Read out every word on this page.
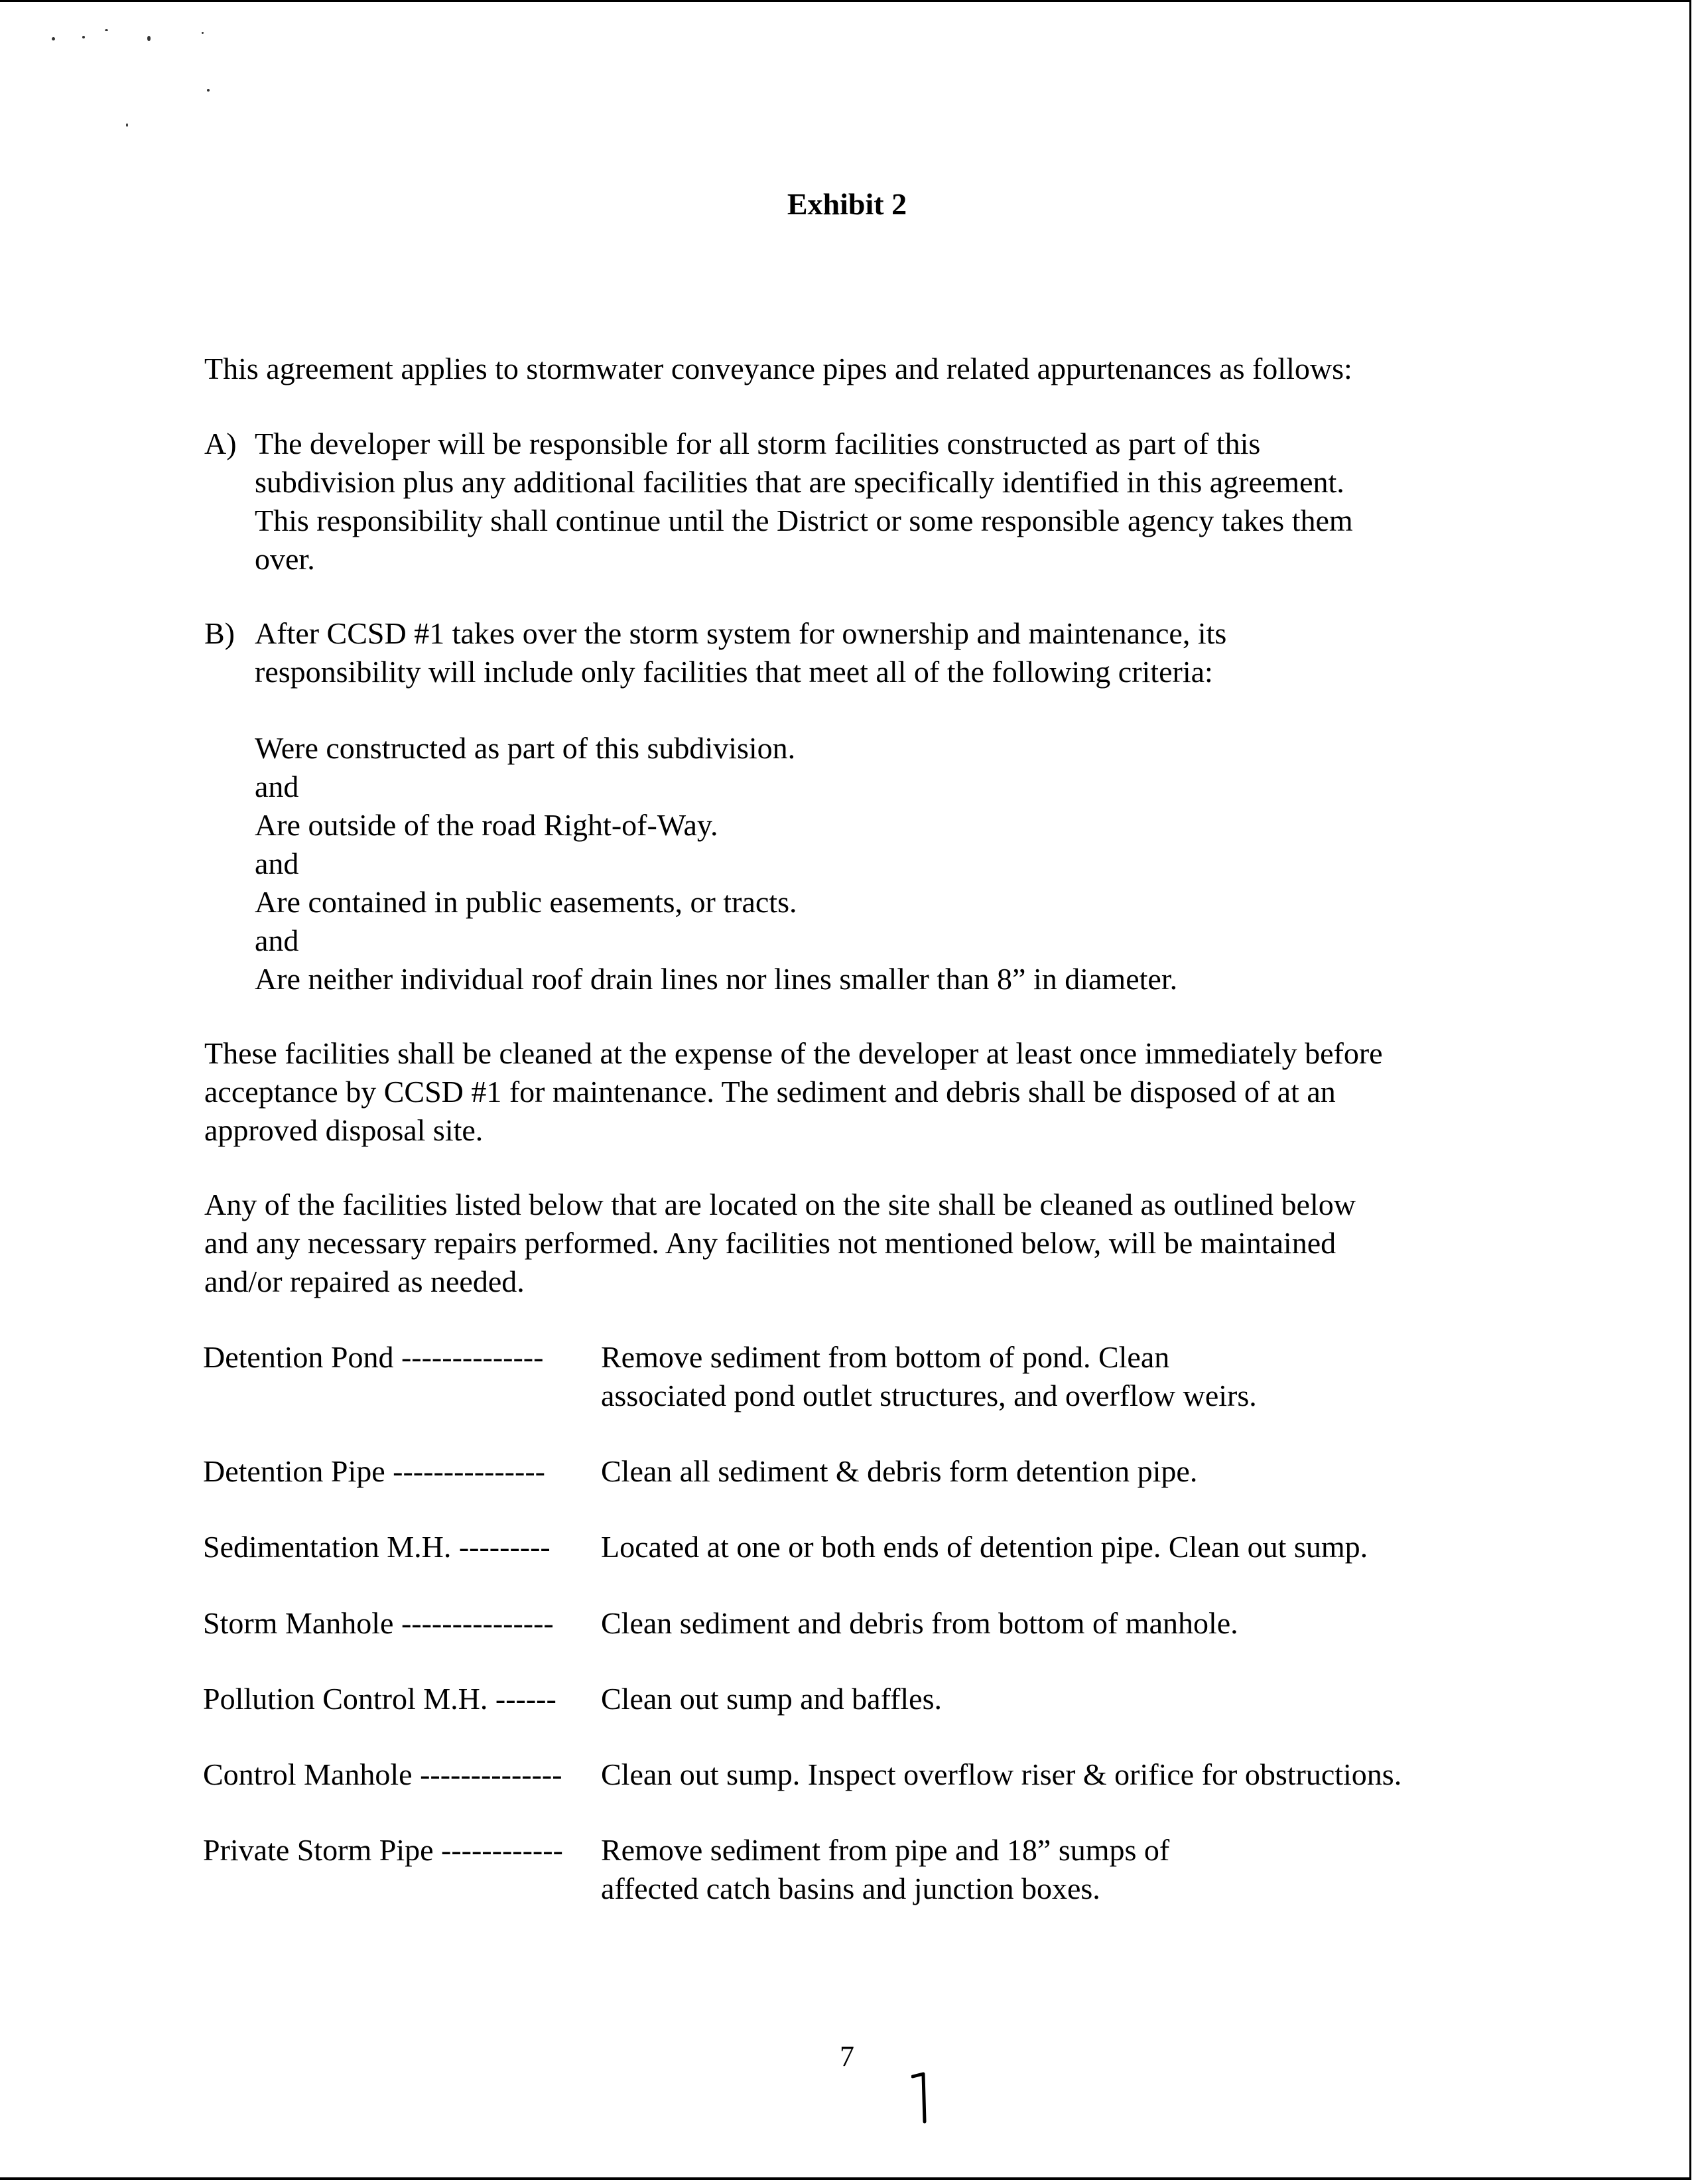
Exhibit 2
This agreement applies to stormwater conveyance pipes and related appurtenances as follows:
A) The developer will be responsible for all storm facilities constructed as part of this
subdivision plus any additional facilities that are specifically identified in this agreement.
This responsibility shall continue until the District or some responsible agency takes them
over.
B) After CCSD #1 takes over the storm system for ownership and maintenance, its
responsibility will include only facilities that meet all of the following criteria:
Were constructed as part of this subdivision.
and
Are outside of the road Right-of-Way.
and
Are contained in public easements, or tracts.
and
Are neither individual roof drain lines nor lines smaller than 8” in diameter.
These facilities shall be cleaned at the expense of the developer at least once immediately before
acceptance by CCSD #1 for maintenance. The sediment and debris shall be disposed of at an
approved disposal site.
Any of the facilities listed below that are located on the site shall be cleaned as outlined below
and any necessary repairs performed. Any facilities not mentioned below, will be maintained
and/or repaired as needed.
Detention Pond -------------- Remove sediment from bottom of pond. Clean
associated pond outlet structures, and overflow weirs.
Detention Pipe --------------- Clean all sediment & debris form detention pipe.
Sedimentation M.H. --------- Located at one or both ends of detention pipe. Clean out sump.
Storm Manhole --------------- Clean sediment and debris from bottom of manhole.
Pollution Control M.H. ------ Clean out sump and baffles.
Control Manhole -------------- Clean out sump. Inspect overflow riser & orifice for obstructions.
Private Storm Pipe ------------ Remove sediment from pipe and 18” sumps of
affected catch basins and junction boxes.
7
